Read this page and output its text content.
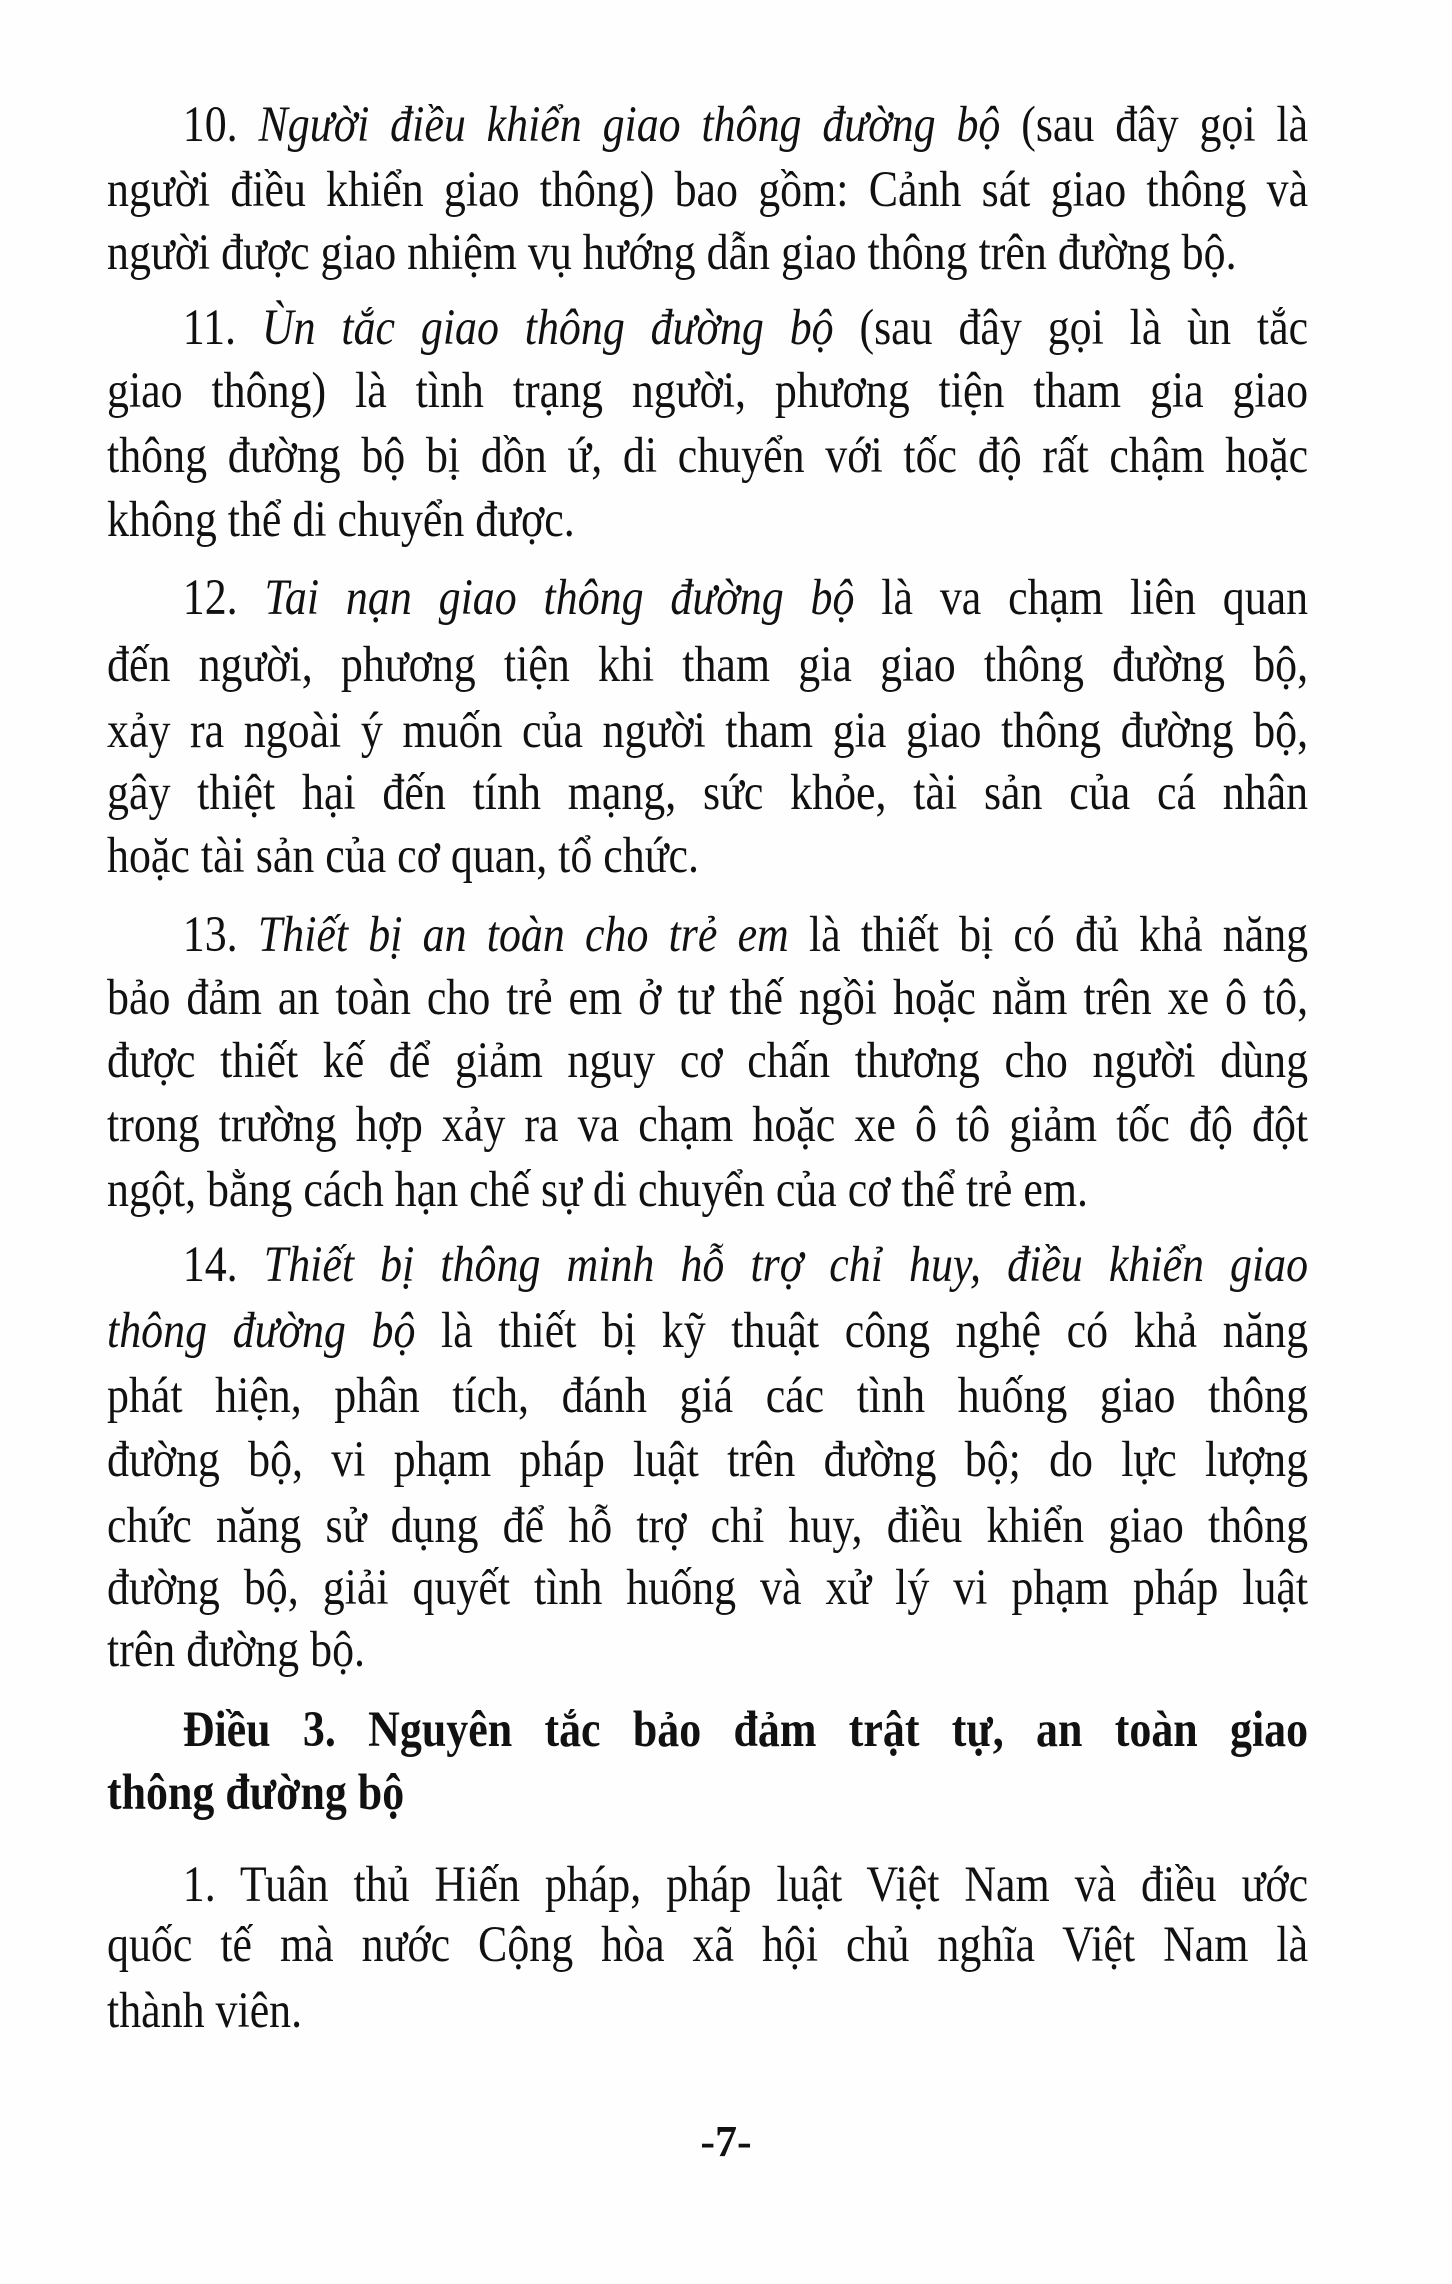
10. Người điều khiển giao thông đường bộ (sau đây gọi là
người điều khiển giao thông) bao gồm: Cảnh sát giao thông và
người được giao nhiệm vụ hướng dẫn giao thông trên đường bộ.
11. Ùn tắc giao thông đường bộ (sau đây gọi là ùn tắc
giao thông) là tình trạng người, phương tiện tham gia giao
thông đường bộ bị dồn ứ, di chuyển với tốc độ rất chậm hoặc
không thể di chuyển được.
12. Tai nạn giao thông đường bộ là va chạm liên quan
đến người, phương tiện khi tham gia giao thông đường bộ,
xảy ra ngoài ý muốn của người tham gia giao thông đường bộ,
gây thiệt hại đến tính mạng, sức khỏe, tài sản của cá nhân
hoặc tài sản của cơ quan, tổ chức.
13. Thiết bị an toàn cho trẻ em là thiết bị có đủ khả năng
bảo đảm an toàn cho trẻ em ở tư thế ngồi hoặc nằm trên xe ô tô,
được thiết kế để giảm nguy cơ chấn thương cho người dùng
trong trường hợp xảy ra va chạm hoặc xe ô tô giảm tốc độ đột
ngột, bằng cách hạn chế sự di chuyển của cơ thể trẻ em.
14. Thiết bị thông minh hỗ trợ chỉ huy, điều khiển giao
thông đường bộ là thiết bị kỹ thuật công nghệ có khả năng
phát hiện, phân tích, đánh giá các tình huống giao thông
đường bộ, vi phạm pháp luật trên đường bộ; do lực lượng
chức năng sử dụng để hỗ trợ chỉ huy, điều khiển giao thông
đường bộ, giải quyết tình huống và xử lý vi phạm pháp luật
trên đường bộ.
Điều 3. Nguyên tắc bảo đảm trật tự, an toàn giao
thông đường bộ
1. Tuân thủ Hiến pháp, pháp luật Việt Nam và điều ước
quốc tế mà nước Cộng hòa xã hội chủ nghĩa Việt Nam là
thành viên.
-7-
